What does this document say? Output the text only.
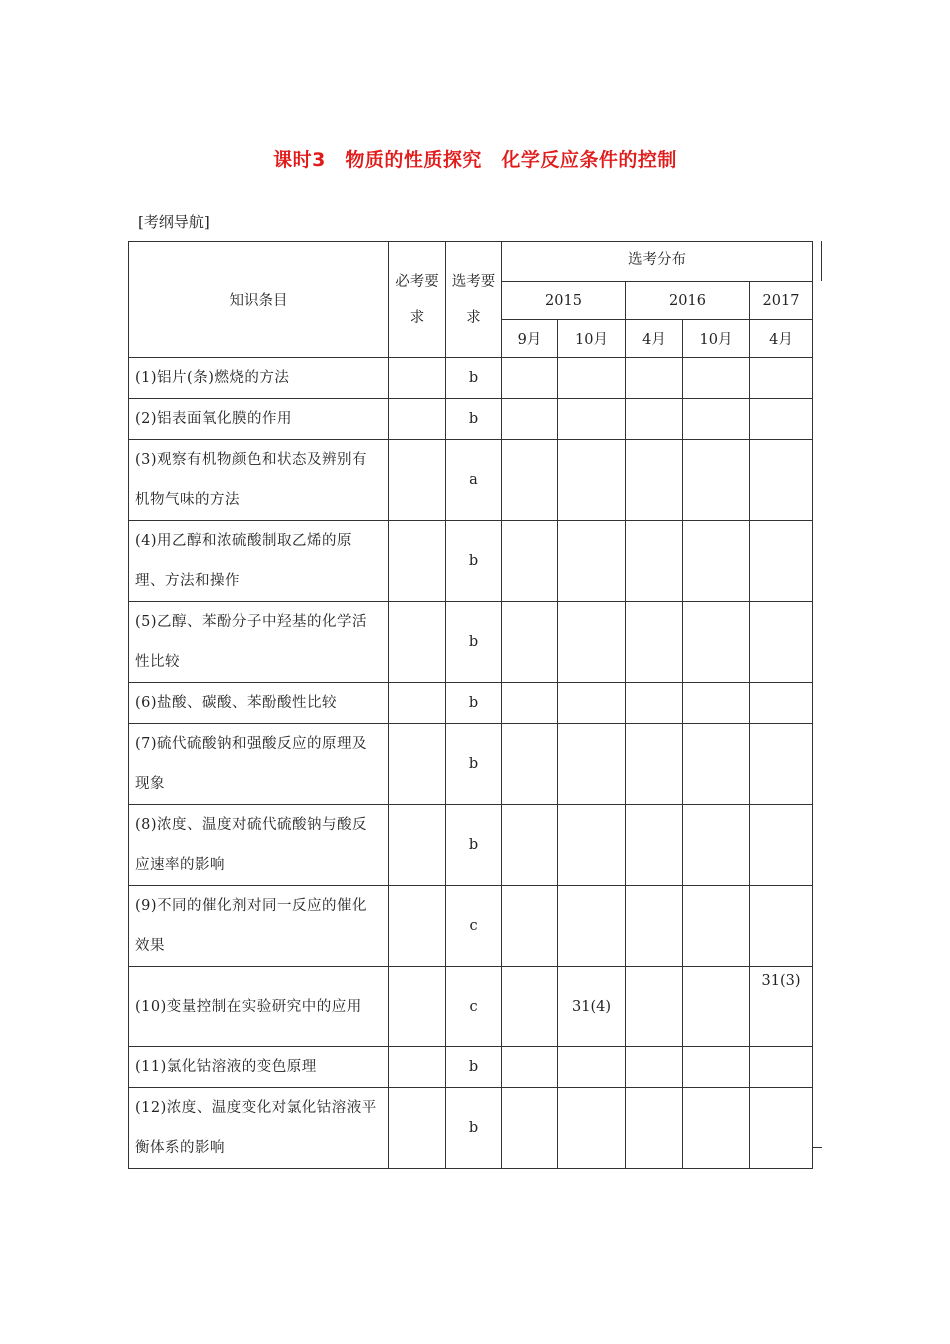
课时3　物质的性质探究　化学反应条件的控制
[考纲导航]
知识条目	必考要求	选考要求	选考分布				
			2015		2016		2017
			9月	10月	4月	10月	4月
(1)铝片(条)燃烧的方法		b					
(2)铝表面氧化膜的作用		b					
(3)观察有机物颜色和状态及辨别有机物气味的方法		a					
(4)用乙醇和浓硫酸制取乙烯的原理、方法和操作		b					
(5)乙醇、苯酚分子中羟基的化学活性比较		b					
(6)盐酸、碳酸、苯酚酸性比较		b					
(7)硫代硫酸钠和强酸反应的原理及现象		b					
(8)浓度、温度对硫代硫酸钠与酸反应速率的影响		b					
(9)不同的催化剂对同一反应的催化效果		c					
(10)变量控制在实验研究中的应用		c		31(4)			31(3)
(11)氯化钴溶液的变色原理		b					
(12)浓度、温度变化对氯化钴溶液平衡体系的影响		b					
